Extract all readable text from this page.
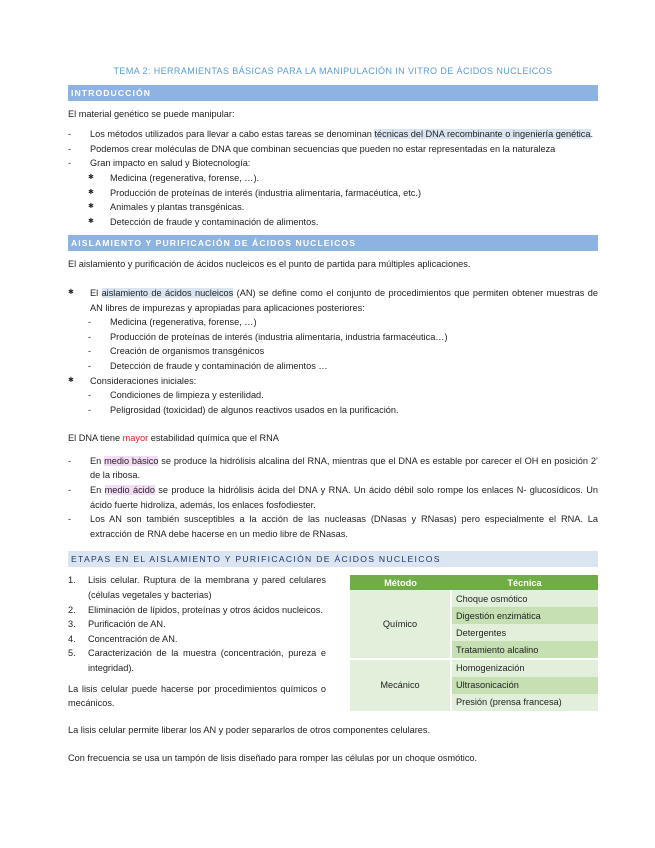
TEMA 2: HERRAMIENTAS BÁSICAS PARA LA MANIPULACIÓN IN VITRO DE ÁCIDOS NUCLEICOS
INTRODUCCIÓN

El material genético se puede manipular:

- Los métodos utilizados para llevar a cabo estas tareas se denominan técnicas del DNA recombinante o ingeniería genética.
- Podemos crear moléculas de DNA que combinan secuencias que pueden no estar representadas en la naturaleza
- Gran impacto en salud y Biotecnología:
✱ Medicina (regenerativa, forense, …).
✱ Producción de proteínas de interés (industria alimentaria, farmacéutica, etc.)
✱ Animales y plantas transgénicas.
✱ Detección de fraude y contaminación de alimentos.
AISLAMIENTO Y PURIFICACIÓN DE ÁCIDOS NUCLEICOS

El aislamiento y purificación de ácidos nucleicos es el punto de partida para múltiples aplicaciones.

✱ El aislamiento de ácidos nucleicos (AN) se define como el conjunto de procedimientos que permiten obtener muestras de AN libres de impurezas y apropiadas para aplicaciones posteriores:
- Medicina (regenerativa, forense, …)
- Producción de proteínas de interés (industria alimentaria, industria farmacéutica…)
- Creación de organismos transgénicos
- Detección de fraude y contaminación de alimentos …
✱ Consideraciones iniciales:
- Condiciones de limpieza y esterilidad.
- Peligrosidad (toxicidad) de algunos reactivos usados en la purificación.

El DNA tiene mayor estabilidad química que el RNA

- En medio básico se produce la hidrólisis alcalina del RNA, mientras que el DNA es estable por carecer el OH en posición 2’ de la ribosa.
- En medio ácido se produce la hidrólisis ácida del DNA y RNA. Un ácido débil solo rompe los enlaces N- glucosídicos. Un ácido fuerte hidroliza, además, los enlaces fosfodiester.
- Los AN son también susceptibles a la acción de las nucleasas (DNasas y RNasas) pero especialmente el RNA. La extracción de RNA debe hacerse en un medio libre de RNasas.
ETAPAS EN EL AISLAMIENTO Y PURIFICACIÓN DE ÁCIDOS NUCLEICOS
1. Lisis celular. Ruptura de la membrana y pared celulares (células vegetales y bacterias)
2. Eliminación de lípidos, proteínas y otros ácidos nucleicos.
3. Purificación de AN.
4. Concentración de AN.
5. Caracterización de la muestra (concentración, pureza e integridad).

La lisis celular puede hacerse por procedimientos químicos o mecánicos.

Método	Técnica
Químico	Choque osmótico
	Digestión enzimática
	Detergentes
	Tratamiento alcalino
Mecánico	Homogenización
	Ultrasonicación
	Presión (prensa francesa)

La lisis celular permite liberar los AN y poder separarlos de otros componentes celulares.

Con frecuencia se usa un tampón de lisis diseñado para romper las células por un choque osmótico.
